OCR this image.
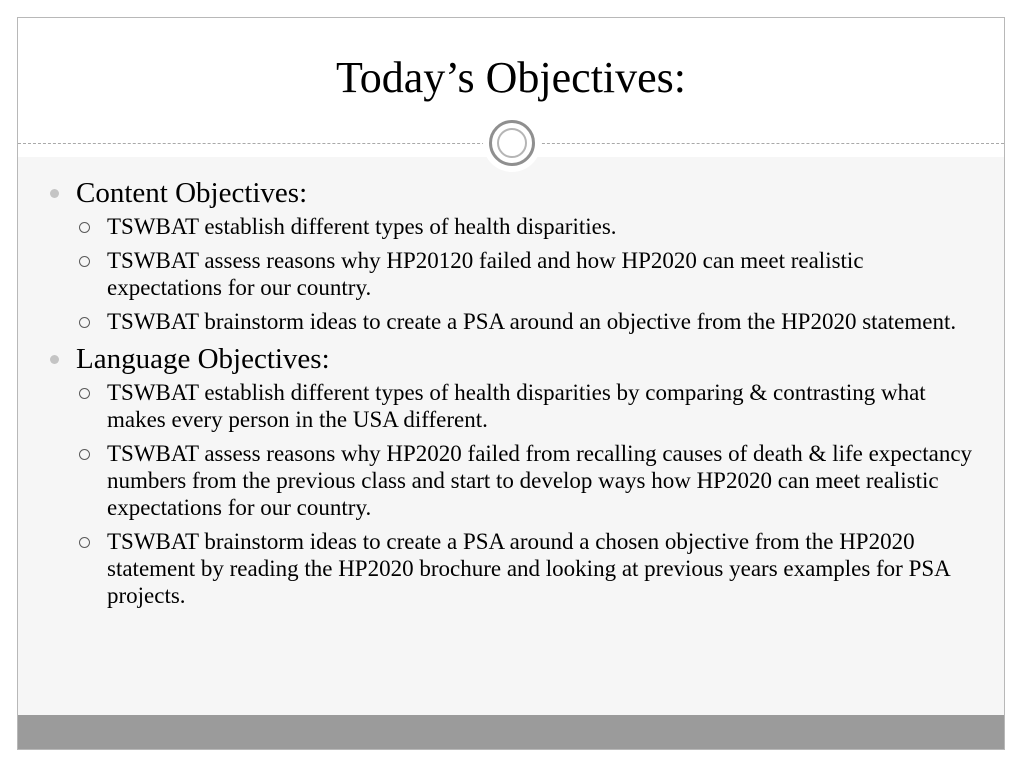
Today’s Objectives:
Content Objectives:
TSWBAT establish different types of health disparities.
TSWBAT assess reasons why HP20120 failed and how HP2020 can meet realistic expectations for our country.
TSWBAT brainstorm ideas to create a PSA around an objective from the HP2020 statement.
Language Objectives:
TSWBAT establish different types of health disparities by comparing & contrasting what makes every person in the USA different.
TSWBAT assess reasons why HP2020 failed from recalling causes of death & life expectancy numbers from the previous class and start to develop ways how HP2020 can meet realistic expectations for our country.
TSWBAT brainstorm ideas to create a PSA around a chosen objective from the HP2020 statement by reading the HP2020 brochure and looking at previous years examples for PSA projects.
